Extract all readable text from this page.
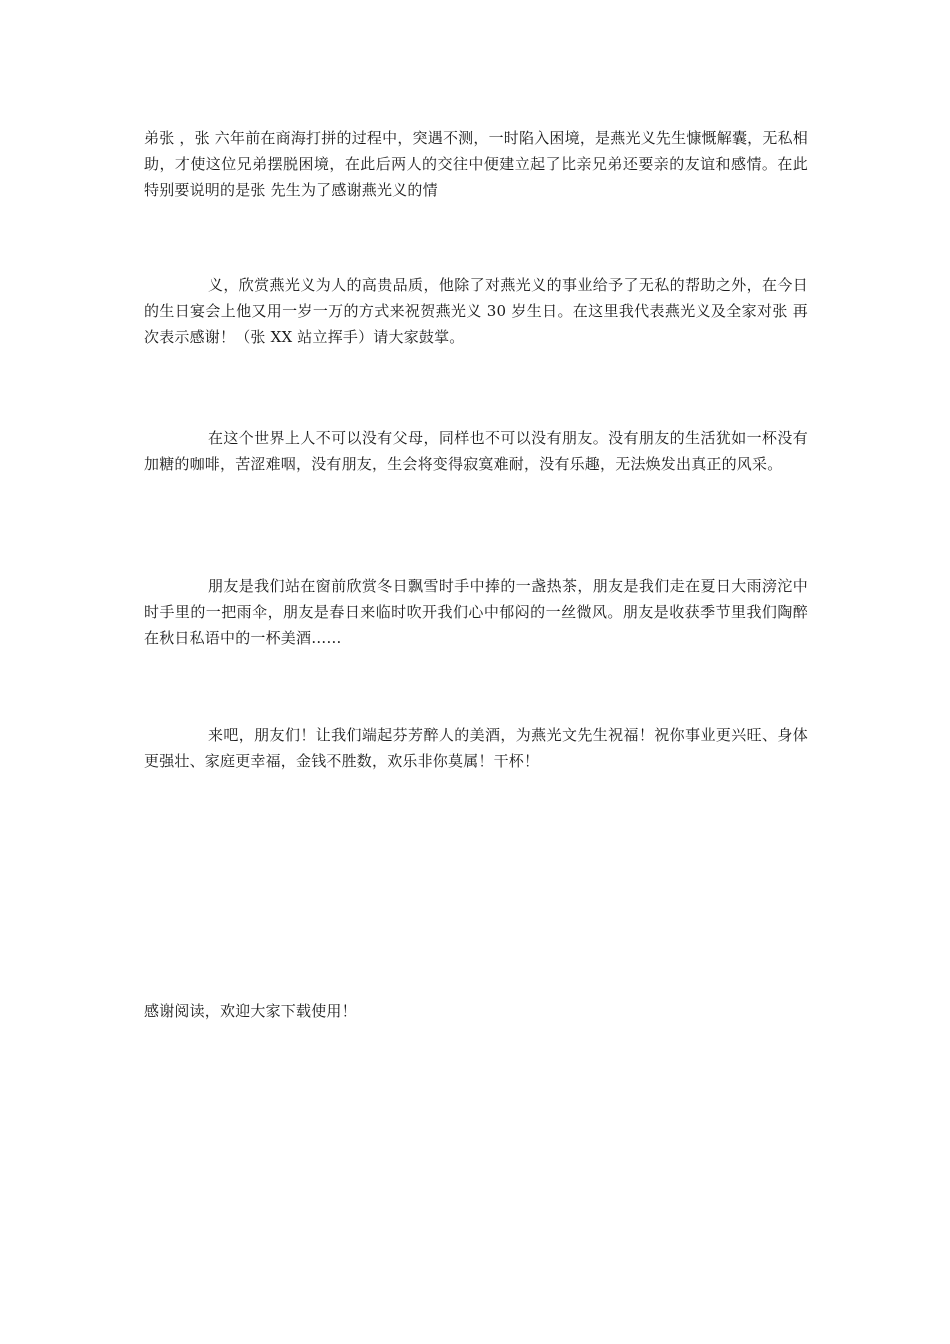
弟张 ，张 六年前在商海打拼的过程中，突遇不测，一时陷入困境，是燕光义先生慷慨解囊，无私相助，才使这位兄弟摆脱困境，在此后两人的交往中便建立起了比亲兄弟还要亲的友谊和感情。在此特别要说明的是张 先生为了感谢燕光义的情

义，欣赏燕光义为人的高贵品质，他除了对燕光义的事业给予了无私的帮助之外，在今日的生日宴会上他又用一岁一万的方式来祝贺燕光义 30 岁生日。在这里我代表燕光义及全家对张 再次表示感谢！（张 XX 站立挥手）请大家鼓掌。

在这个世界上人不可以没有父母，同样也不可以没有朋友。没有朋友的生活犹如一杯没有加糖的咖啡，苦涩难咽，没有朋友，生会将变得寂寞难耐，没有乐趣，无法焕发出真正的风采。

朋友是我们站在窗前欣赏冬日飘雪时手中捧的一盏热茶，朋友是我们走在夏日大雨滂沱中时手里的一把雨伞，朋友是春日来临时吹开我们心中郁闷的一丝微风。朋友是收获季节里我们陶醉在秋日私语中的一杯美酒……

来吧，朋友们！让我们端起芬芳醉人的美酒，为燕光文先生祝福！祝你事业更兴旺、身体更强壮、家庭更幸福，金钱不胜数，欢乐非你莫属！干杯！

感谢阅读，欢迎大家下载使用！
